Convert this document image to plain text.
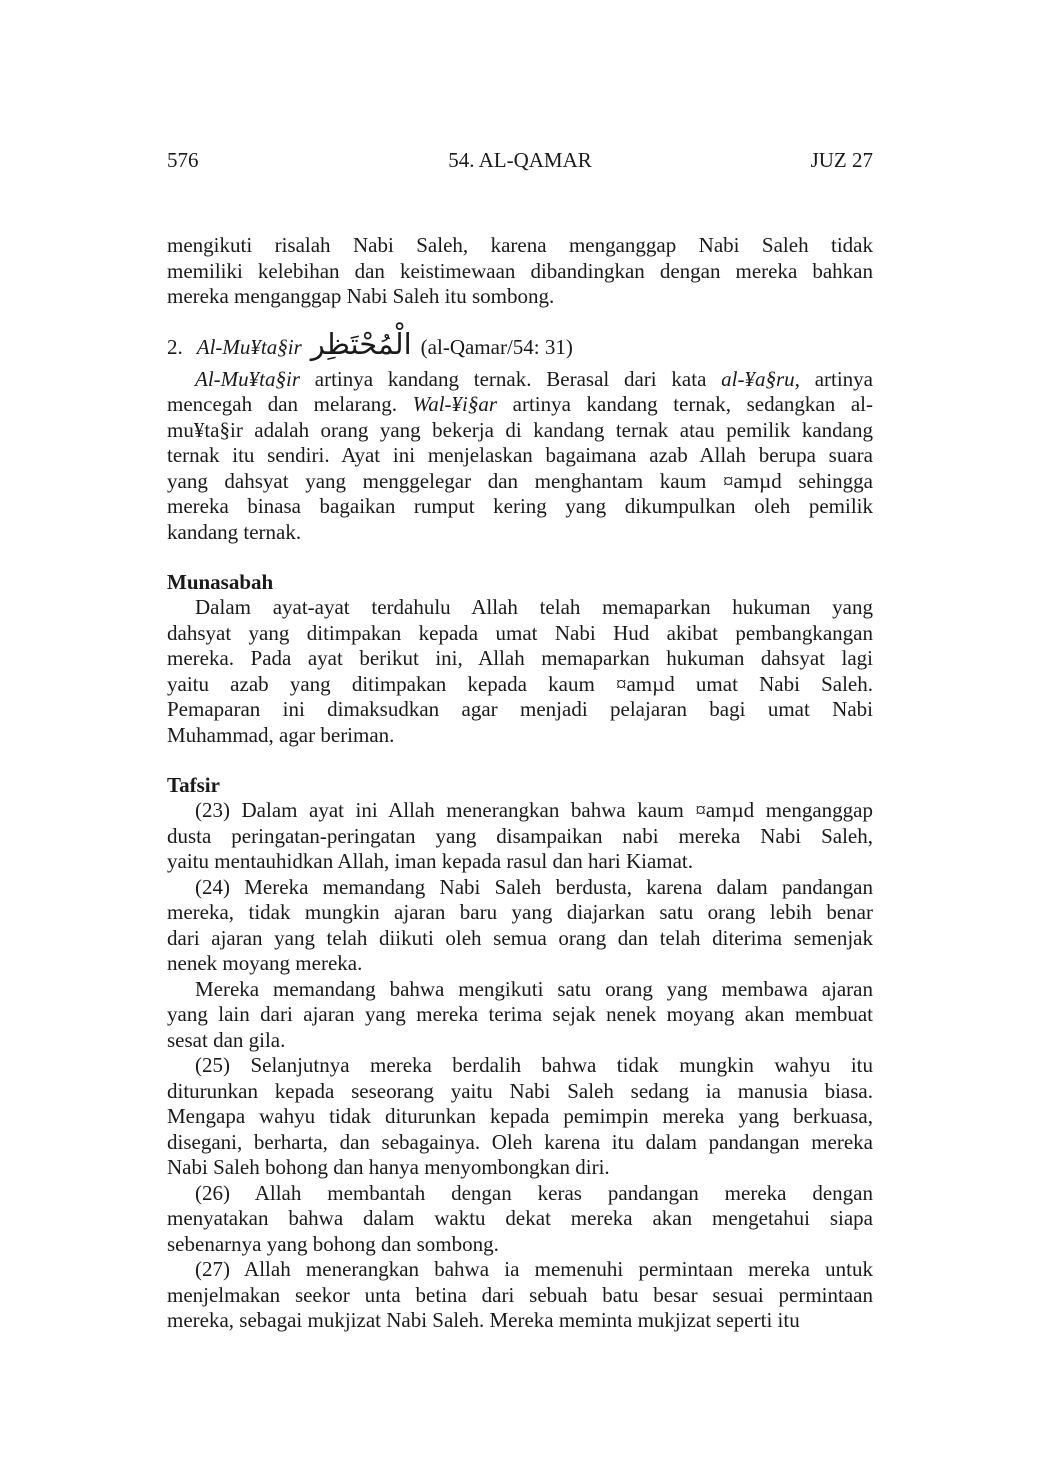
576	54. AL-QAMAR	JUZ 27
mengikuti risalah Nabi Saleh, karena menganggap Nabi Saleh tidak
memiliki kelebihan dan keistimewaan dibandingkan dengan mereka bahkan
mereka menganggap Nabi Saleh itu sombong.
2. Al-Mu¥ta§ir الْمُحْتَظِر (al-Qamar/54: 31)
Al-Mu¥ta§ir artinya kandang ternak. Berasal dari kata al-¥a§ru, artinya
mencegah dan melarang. Wal-¥i§ar artinya kandang ternak, sedangkan al-
mu¥ta§ir adalah orang yang bekerja di kandang ternak atau pemilik kandang
ternak itu sendiri. Ayat ini menjelaskan bagaimana azab Allah berupa suara
yang dahsyat yang menggelegar dan menghantam kaum ¤amµd sehingga
mereka binasa bagaikan rumput kering yang dikumpulkan oleh pemilik
kandang ternak.
Munasabah
Dalam ayat-ayat terdahulu Allah telah memaparkan hukuman yang
dahsyat yang ditimpakan kepada umat Nabi Hud akibat pembangkangan
mereka. Pada ayat berikut ini, Allah memaparkan hukuman dahsyat lagi
yaitu azab yang ditimpakan kepada kaum ¤amµd umat Nabi Saleh.
Pemaparan ini dimaksudkan agar menjadi pelajaran bagi umat Nabi
Muhammad, agar beriman.
Tafsir
(23) Dalam ayat ini Allah menerangkan bahwa kaum ¤amµd menganggap
dusta peringatan-peringatan yang disampaikan nabi mereka Nabi Saleh,
yaitu mentauhidkan Allah, iman kepada rasul dan hari Kiamat.
(24) Mereka memandang Nabi Saleh berdusta, karena dalam pandangan
mereka, tidak mungkin ajaran baru yang diajarkan satu orang lebih benar
dari ajaran yang telah diikuti oleh semua orang dan telah diterima semenjak
nenek moyang mereka.
Mereka memandang bahwa mengikuti satu orang yang membawa ajaran
yang lain dari ajaran yang mereka terima sejak nenek moyang akan membuat
sesat dan gila.
(25) Selanjutnya mereka berdalih bahwa tidak mungkin wahyu itu
diturunkan kepada seseorang yaitu Nabi Saleh sedang ia manusia biasa.
Mengapa wahyu tidak diturunkan kepada pemimpin mereka yang berkuasa,
disegani, berharta, dan sebagainya. Oleh karena itu dalam pandangan mereka
Nabi Saleh bohong dan hanya menyombongkan diri.
(26) Allah membantah dengan keras pandangan mereka dengan
menyatakan bahwa dalam waktu dekat mereka akan mengetahui siapa
sebenarnya yang bohong dan sombong.
(27) Allah menerangkan bahwa ia memenuhi permintaan mereka untuk
menjelmakan seekor unta betina dari sebuah batu besar sesuai permintaan
mereka, sebagai mukjizat Nabi Saleh. Mereka meminta mukjizat seperti itu
